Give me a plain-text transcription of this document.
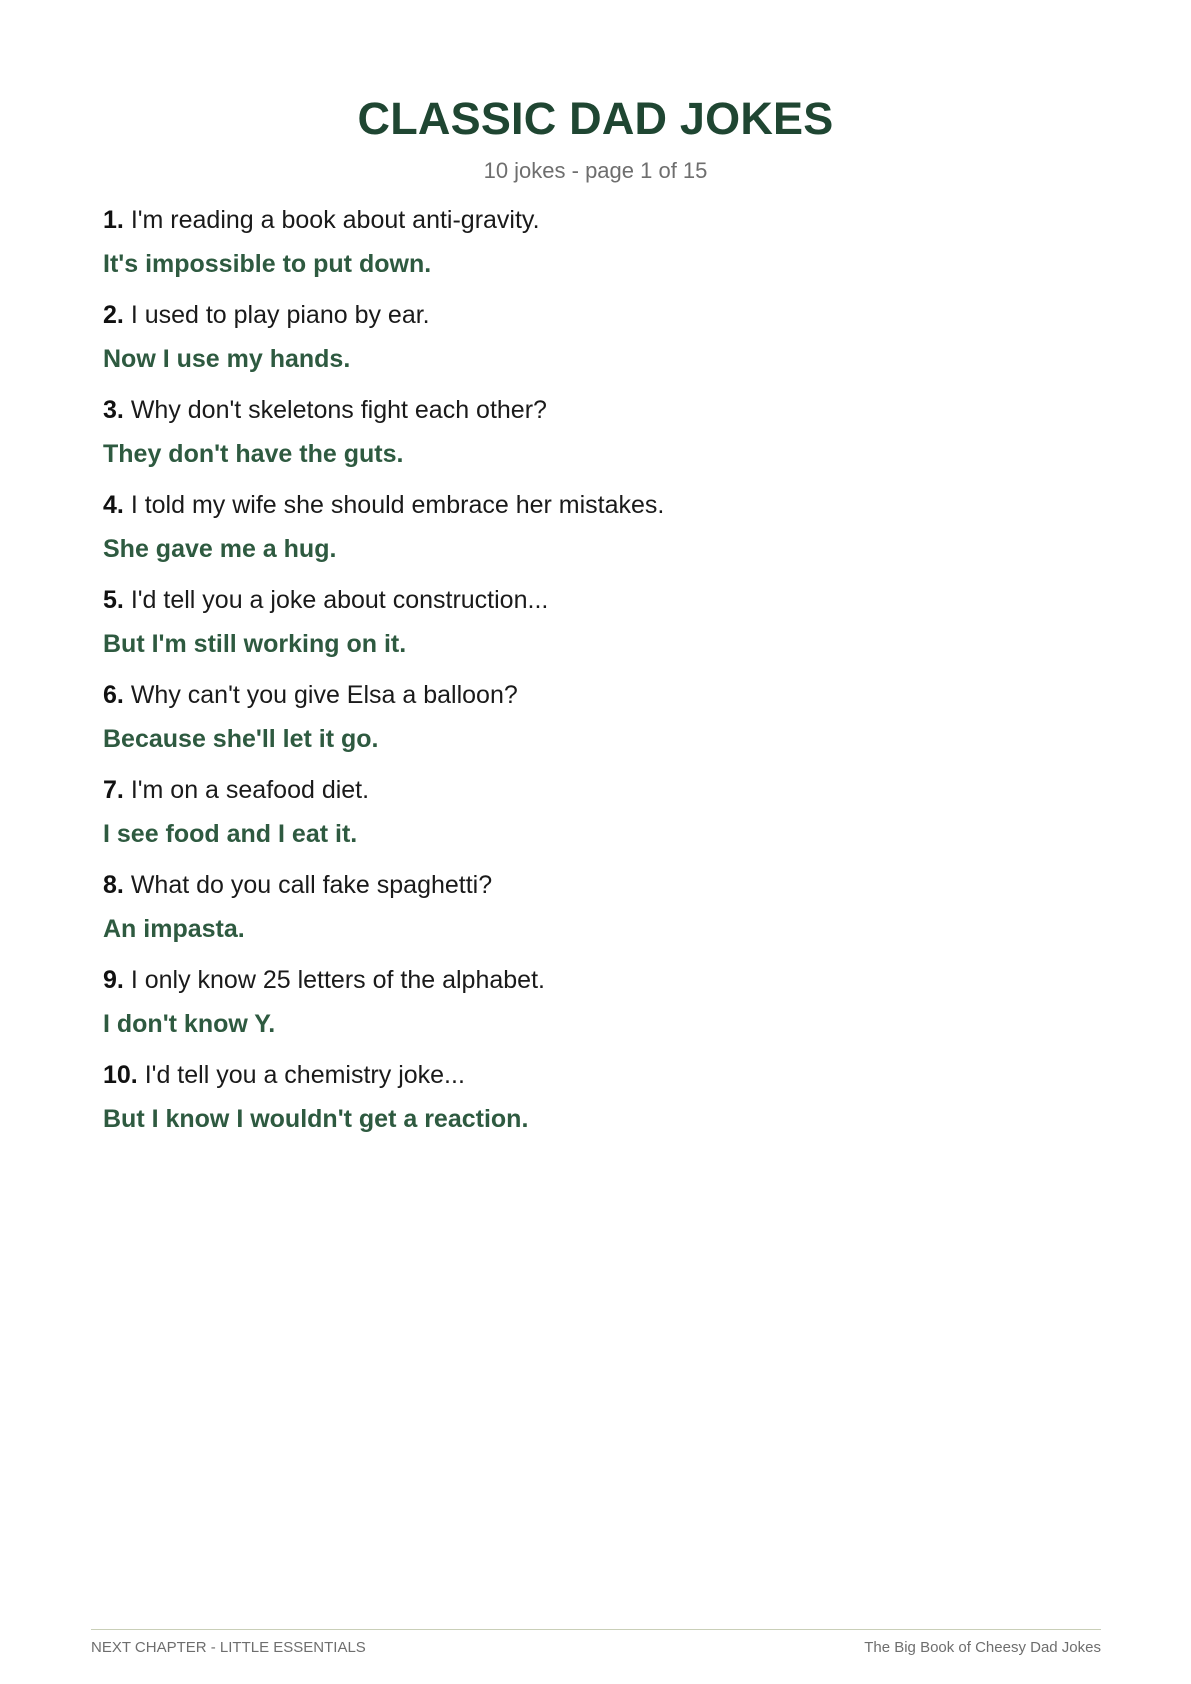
CLASSIC DAD JOKES
10 jokes - page 1 of 15
1. I'm reading a book about anti-gravity.
It's impossible to put down.
2. I used to play piano by ear.
Now I use my hands.
3. Why don't skeletons fight each other?
They don't have the guts.
4. I told my wife she should embrace her mistakes.
She gave me a hug.
5. I'd tell you a joke about construction...
But I'm still working on it.
6. Why can't you give Elsa a balloon?
Because she'll let it go.
7. I'm on a seafood diet.
I see food and I eat it.
8. What do you call fake spaghetti?
An impasta.
9. I only know 25 letters of the alphabet.
I don't know Y.
10. I'd tell you a chemistry joke...
But I know I wouldn't get a reaction.
NEXT CHAPTER - LITTLE ESSENTIALS	The Big Book of Cheesy Dad Jokes
